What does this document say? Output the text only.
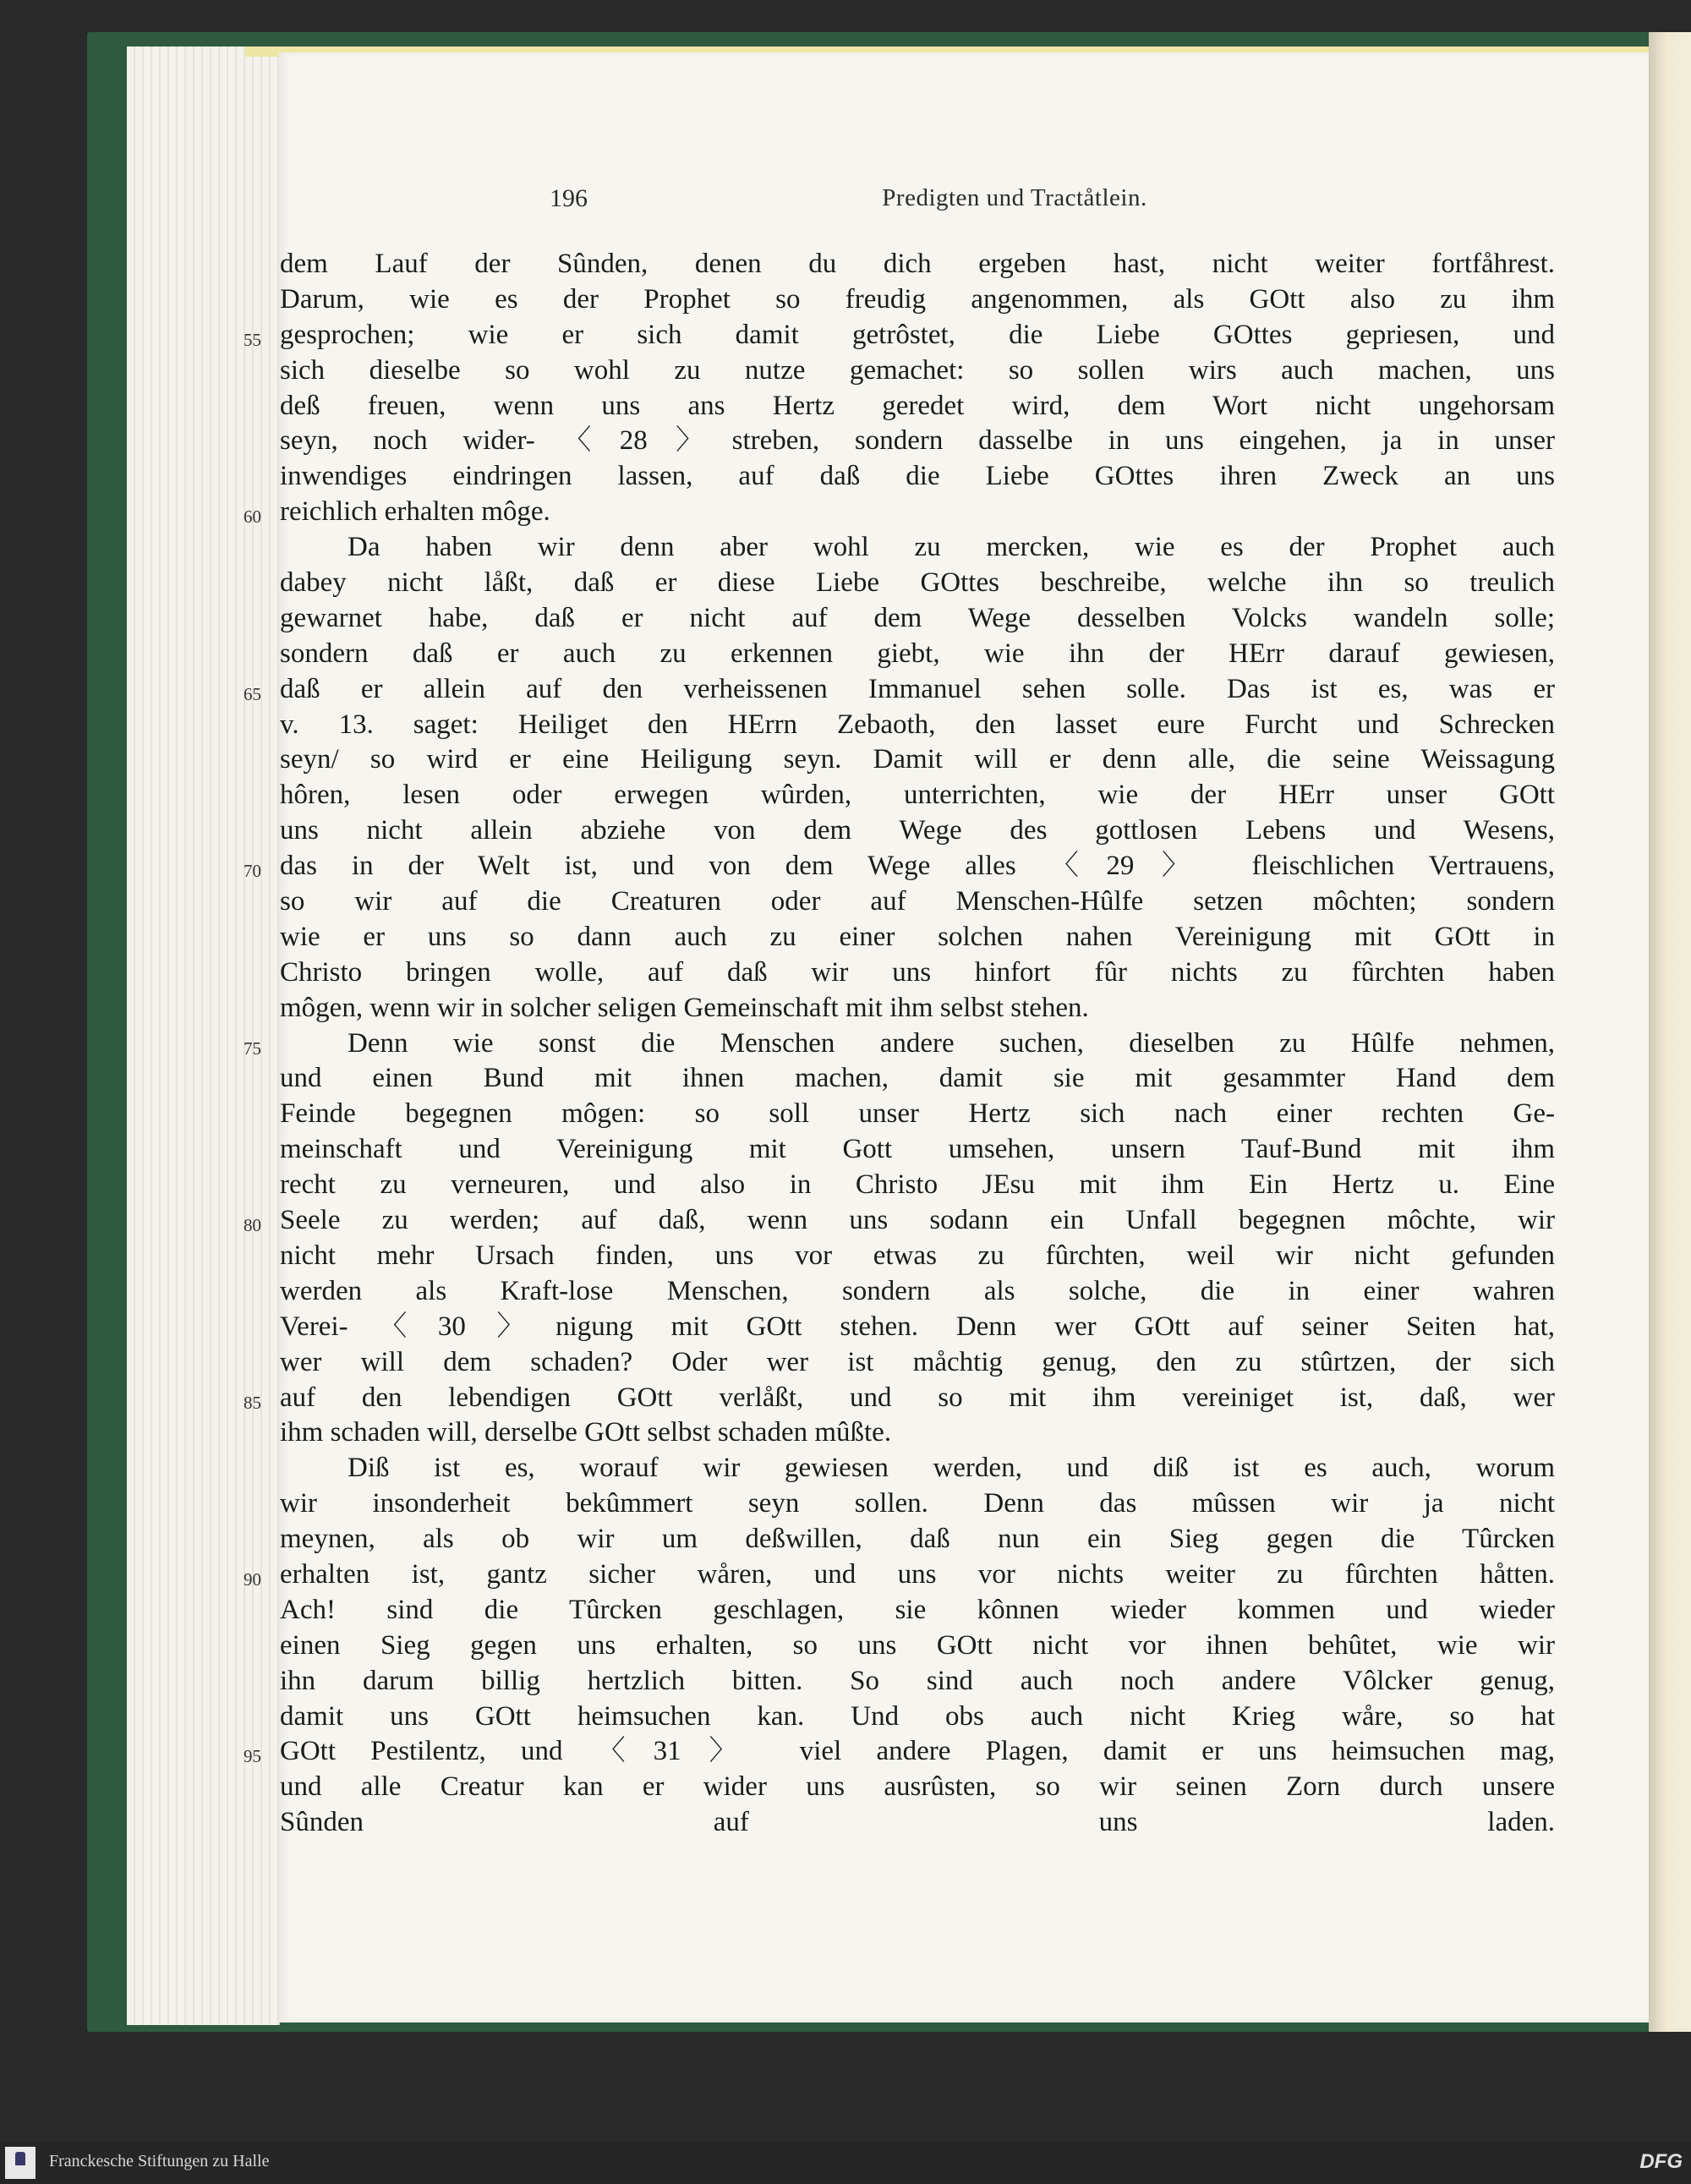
196	Predigten und Tractåtlein.
dem Lauf der Sûnden, denen du dich ergeben hast, nicht weiter fortfåhrest.
Darum, wie es der Prophet so freudig angenommen, als GOtt also zu ihm
55 gesprochen; wie er sich damit getrôstet, die Liebe GOttes gepriesen, und
sich dieselbe so wohl zu nutze gemachet: so sollen wirs auch machen, uns
deß freuen, wenn uns ans Hertz geredet wird, dem Wort nicht ungehorsam
seyn, noch wider-〈28〉streben, sondern dasselbe in uns eingehen, ja in unser
inwendiges eindringen lassen, auf daß die Liebe GOttes ihren Zweck an uns
60 reichlich erhalten môge.
Da haben wir denn aber wohl zu mercken, wie es der Prophet auch
dabey nicht låßt, daß er diese Liebe GOttes beschreibe, welche ihn so treulich
gewarnet habe, daß er nicht auf dem Wege desselben Volcks wandeln solle;
sondern daß er auch zu erkennen giebt, wie ihn der HErr darauf gewiesen,
65 daß er allein auf den verheissenen Immanuel sehen solle. Das ist es, was er
v. 13. saget: Heiliget den HErrn Zebaoth, den lasset eure Furcht und Schrecken
seyn/ so wird er eine Heiligung seyn. Damit will er denn alle, die seine Weissagung
hôren, lesen oder erwegen wûrden, unterrichten, wie der HErr unser GOtt
uns nicht allein abziehe von dem Wege des gottlosen Lebens und Wesens,
70 das in der Welt ist, und von dem Wege alles 〈29〉 fleischlichen Vertrauens,
so wir auf die Creaturen oder auf Menschen-Hûlfe setzen môchten; sondern
wie er uns so dann auch zu einer solchen nahen Vereinigung mit GOtt in
Christo bringen wolle, auf daß wir uns hinfort fûr nichts zu fûrchten haben
môgen, wenn wir in solcher seligen Gemeinschaft mit ihm selbst stehen.
75	Denn wie sonst die Menschen andere suchen, dieselben zu Hûlfe nehmen,
und einen Bund mit ihnen machen, damit sie mit gesammter Hand dem
Feinde begegnen môgen: so soll unser Hertz sich nach einer rechten Ge-
meinschaft und Vereinigung mit Gott umsehen, unsern Tauf-Bund mit ihm
recht zu verneuren, und also in Christo JEsu mit ihm Ein Hertz u. Eine
80 Seele zu werden; auf daß, wenn uns sodann ein Unfall begegnen môchte, wir
nicht mehr Ursach finden, uns vor etwas zu fûrchten, weil wir nicht gefunden
werden als Kraft-lose Menschen, sondern als solche, die in einer wahren
Verei-〈30〉nigung mit GOtt stehen. Denn wer GOtt auf seiner Seiten hat,
wer will dem schaden? Oder wer ist måchtig genug, den zu stûrtzen, der sich
85 auf den lebendigen GOtt verlåßt, und so mit ihm vereiniget ist, daß, wer
ihm schaden will, derselbe GOtt selbst schaden mûßte.
Diß ist es, worauf wir gewiesen werden, und diß ist es auch, worum
wir insonderheit bekûmmert seyn sollen. Denn das mûssen wir ja nicht
meynen, als ob wir um deßwillen, daß nun ein Sieg gegen die Tûrcken
90 erhalten ist, gantz sicher wåren, und uns vor nichts weiter zu fûrchten håtten.
Ach! sind die Tûrcken geschlagen, sie kônnen wieder kommen und wieder
einen Sieg gegen uns erhalten, so uns GOtt nicht vor ihnen behûtet, wie wir
ihn darum billig hertzlich bitten. So sind auch noch andere Vôlcker genug,
damit uns GOtt heimsuchen kan. Und obs auch nicht Krieg wåre, so hat
95 GOtt Pestilentz, und 〈31〉 viel andere Plagen, damit er uns heimsuchen mag,
und alle Creatur kan er wider uns ausrûsten, so wir seinen Zorn durch unsere
Sûnden auf uns laden.
Franckesche Stiftungen zu Halle	DFG
